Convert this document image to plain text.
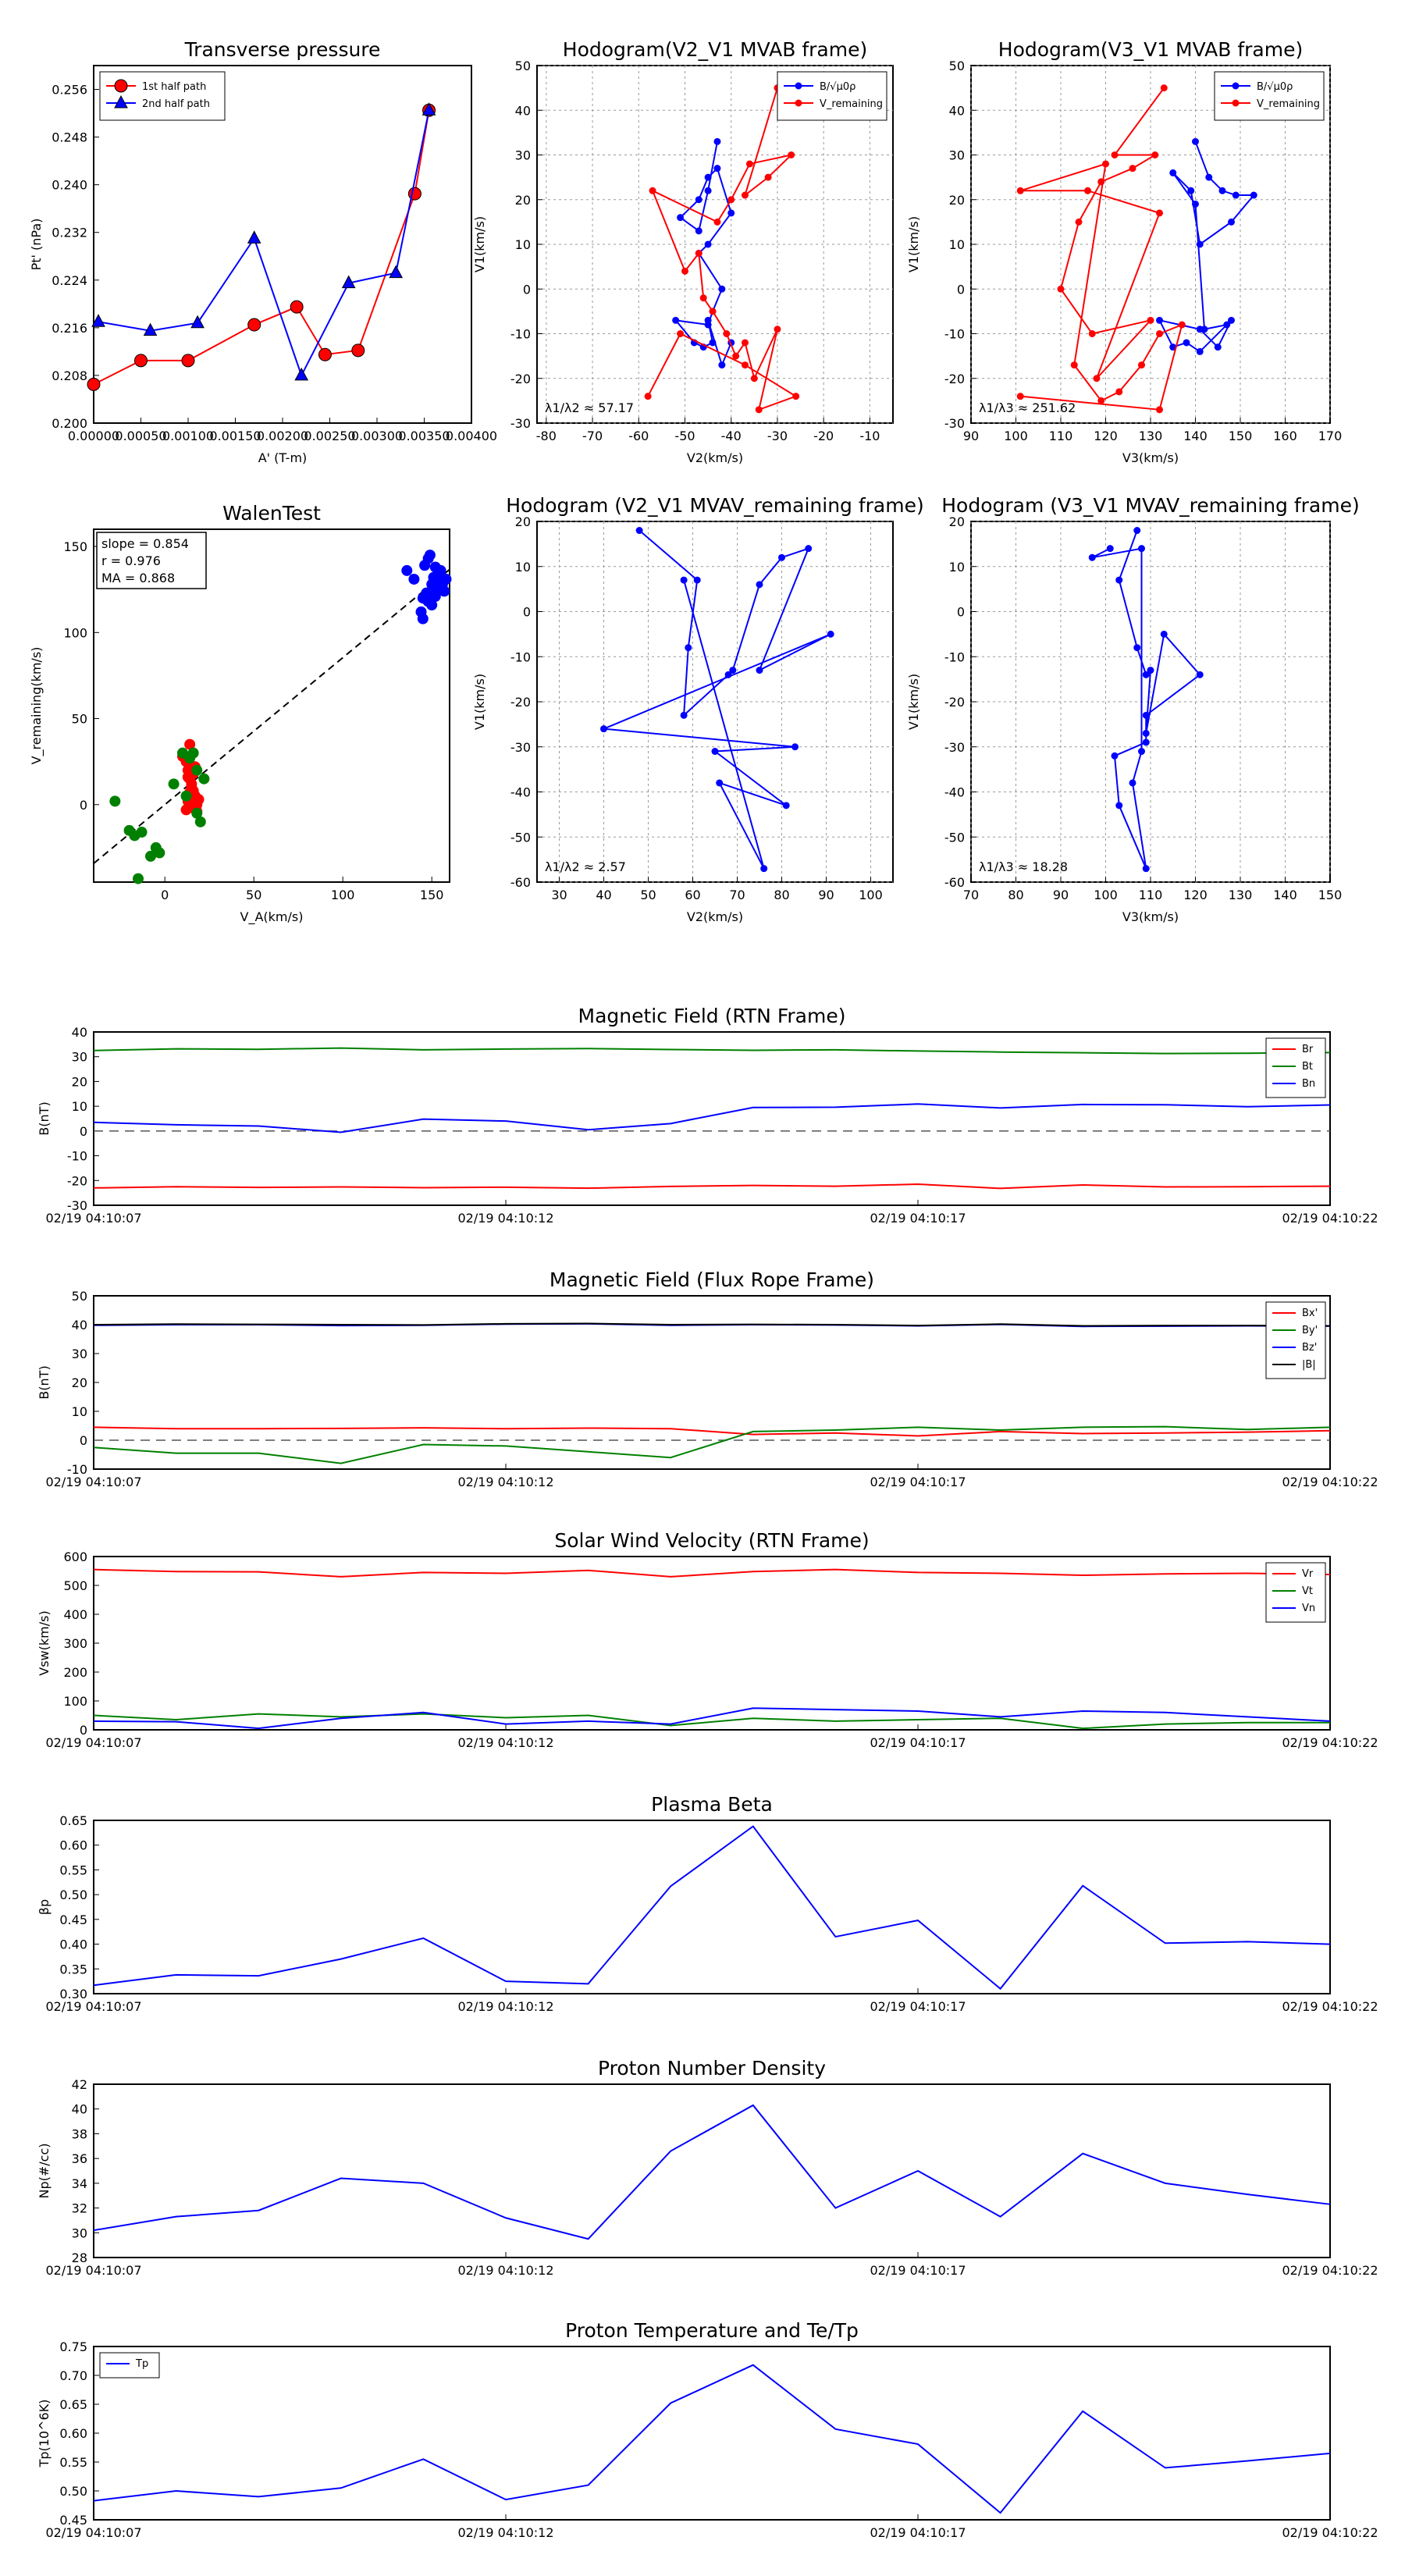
Transverse pressure
0.00000
0.00050
0.00100
0.00150
0.00200
0.00250
0.00300
0.00350
0.00400
0.200
0.208
0.216
0.224
0.232
0.240
0.248
0.256
A' (T-m)
Pt' (nPa)
1st half path
2nd half path
Hodogram(V2_V1 MVAB frame)
-80 -70 -60 -50 -40 -30 -20 -10
-30
-20
-10
0
10
20
30
40
50
V2(km/s)
V1(km/s)
B/√μ0ρ
V_remaining
λ1/λ2 ≈ 57.17
Hodogram(V3_V1 MVAB frame)
90 100 110 120 130 140 150 160 170
-30
-20
-10
0
10
20
30
40
50
V3(km/s)
V1(km/s)
B/√μ0ρ
V_remaining
λ1/λ3 ≈ 251.62
WalenTest
0	50	100	150
0
50
100
150
V_A(km/s)
V_remaining(km/s)
slope = 0.854
r = 0.976
MA = 0.868
Hodogram (V2_V1 MVAV_remaining frame)
30 40 50 60 70 80 90 100
-60
-50
-40
-30
-20
-10
0
10
20
V2(km/s)
V1(km/s)
λ1/λ2 ≈ 2.57
Hodogram (V3_V1 MVAV_remaining frame)
70 80 90 100 110 120 130 140 150
-60
-50
-40
-30
-20
-10
0
10
20
V3(km/s)
V1(km/s)
λ1/λ3 ≈ 18.28
Magnetic Field (RTN Frame)
02/19 04:10:07	02/19 04:10:12	02/19 04:10:17	02/19 04:10:22
-30
-20
-10
0
10
20
30
40
B(nT)
Br
Bt
Bn
Magnetic Field (Flux Rope Frame)
02/19 04:10:07	02/19 04:10:12	02/19 04:10:17	02/19 04:10:22
-10
0
10
20
30
40
50
B(nT)
Bx'
By'
Bz'
|B|
Solar Wind Velocity (RTN Frame)
02/19 04:10:07	02/19 04:10:12	02/19 04:10:17	02/19 04:10:22
0
100
200
300
400
500
600
Vsw(km/s)
Vr
Vt
Vn
Plasma Beta
02/19 04:10:07	02/19 04:10:12	02/19 04:10:17	02/19 04:10:22
0.30
0.35
0.40
0.45
0.50
0.55
0.60
0.65
βp
Proton Number Density
02/19 04:10:07	02/19 04:10:12	02/19 04:10:17	02/19 04:10:22
28
30
32
34
36
38
40
42
Np(#/cc)
Proton Temperature and Te/Tp
02/19 04:10:07	02/19 04:10:12	02/19 04:10:17	02/19 04:10:22
0.45
0.50
0.55
0.60
0.65
0.70
0.75
Tp(10^6K)
Tp
